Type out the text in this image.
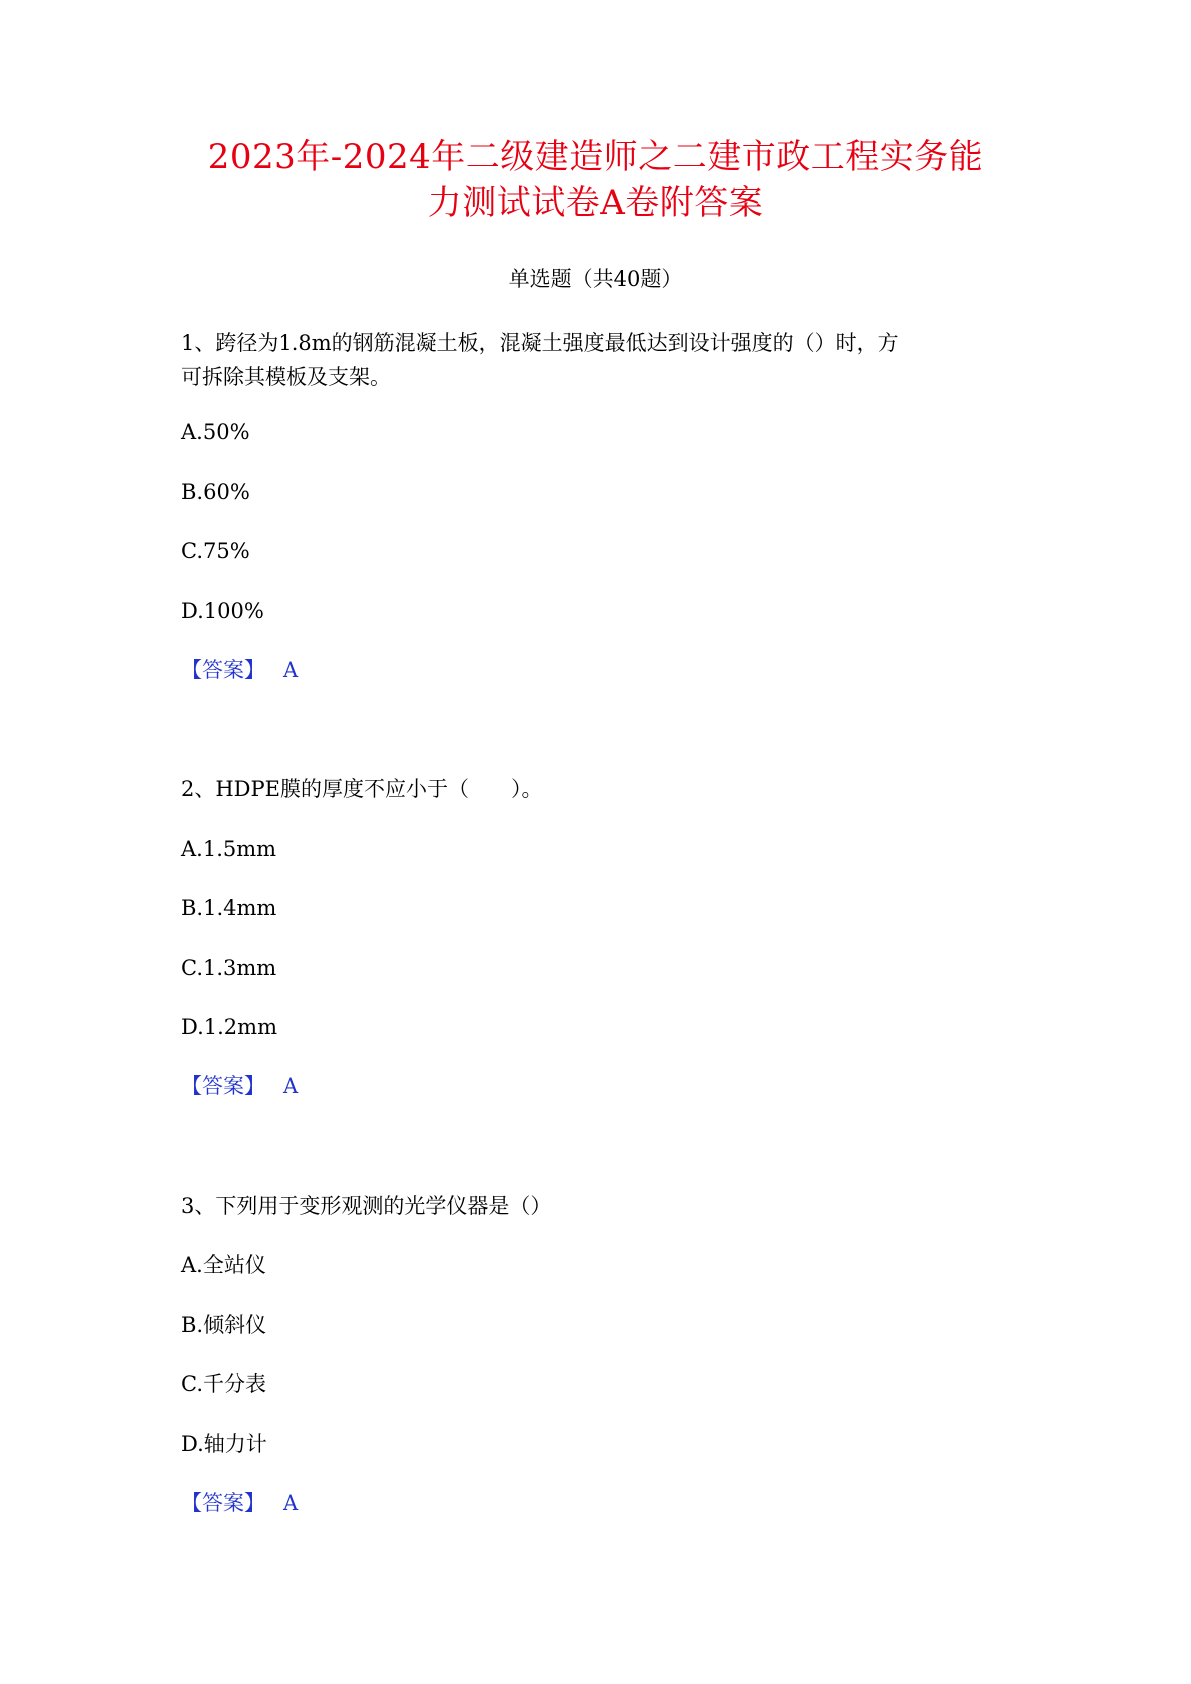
2023年-2024年二级建造师之二建市政工程实务能
力测试试卷A卷附答案
单选题（共40题）
1、跨径为1.8m的钢筋混凝土板，混凝土强度最低达到设计强度的（）时，方
可拆除其模板及支架。
A.50%
B.60%
C.75%
D.100%
【答案】 A
2、HDPE膜的厚度不应小于（　　）。
A.1.5mm
B.1.4mm
C.1.3mm
D.1.2mm
【答案】 A
3、下列用于变形观测的光学仪器是（）
A.全站仪
B.倾斜仪
C.千分表
D.轴力计
【答案】 A
